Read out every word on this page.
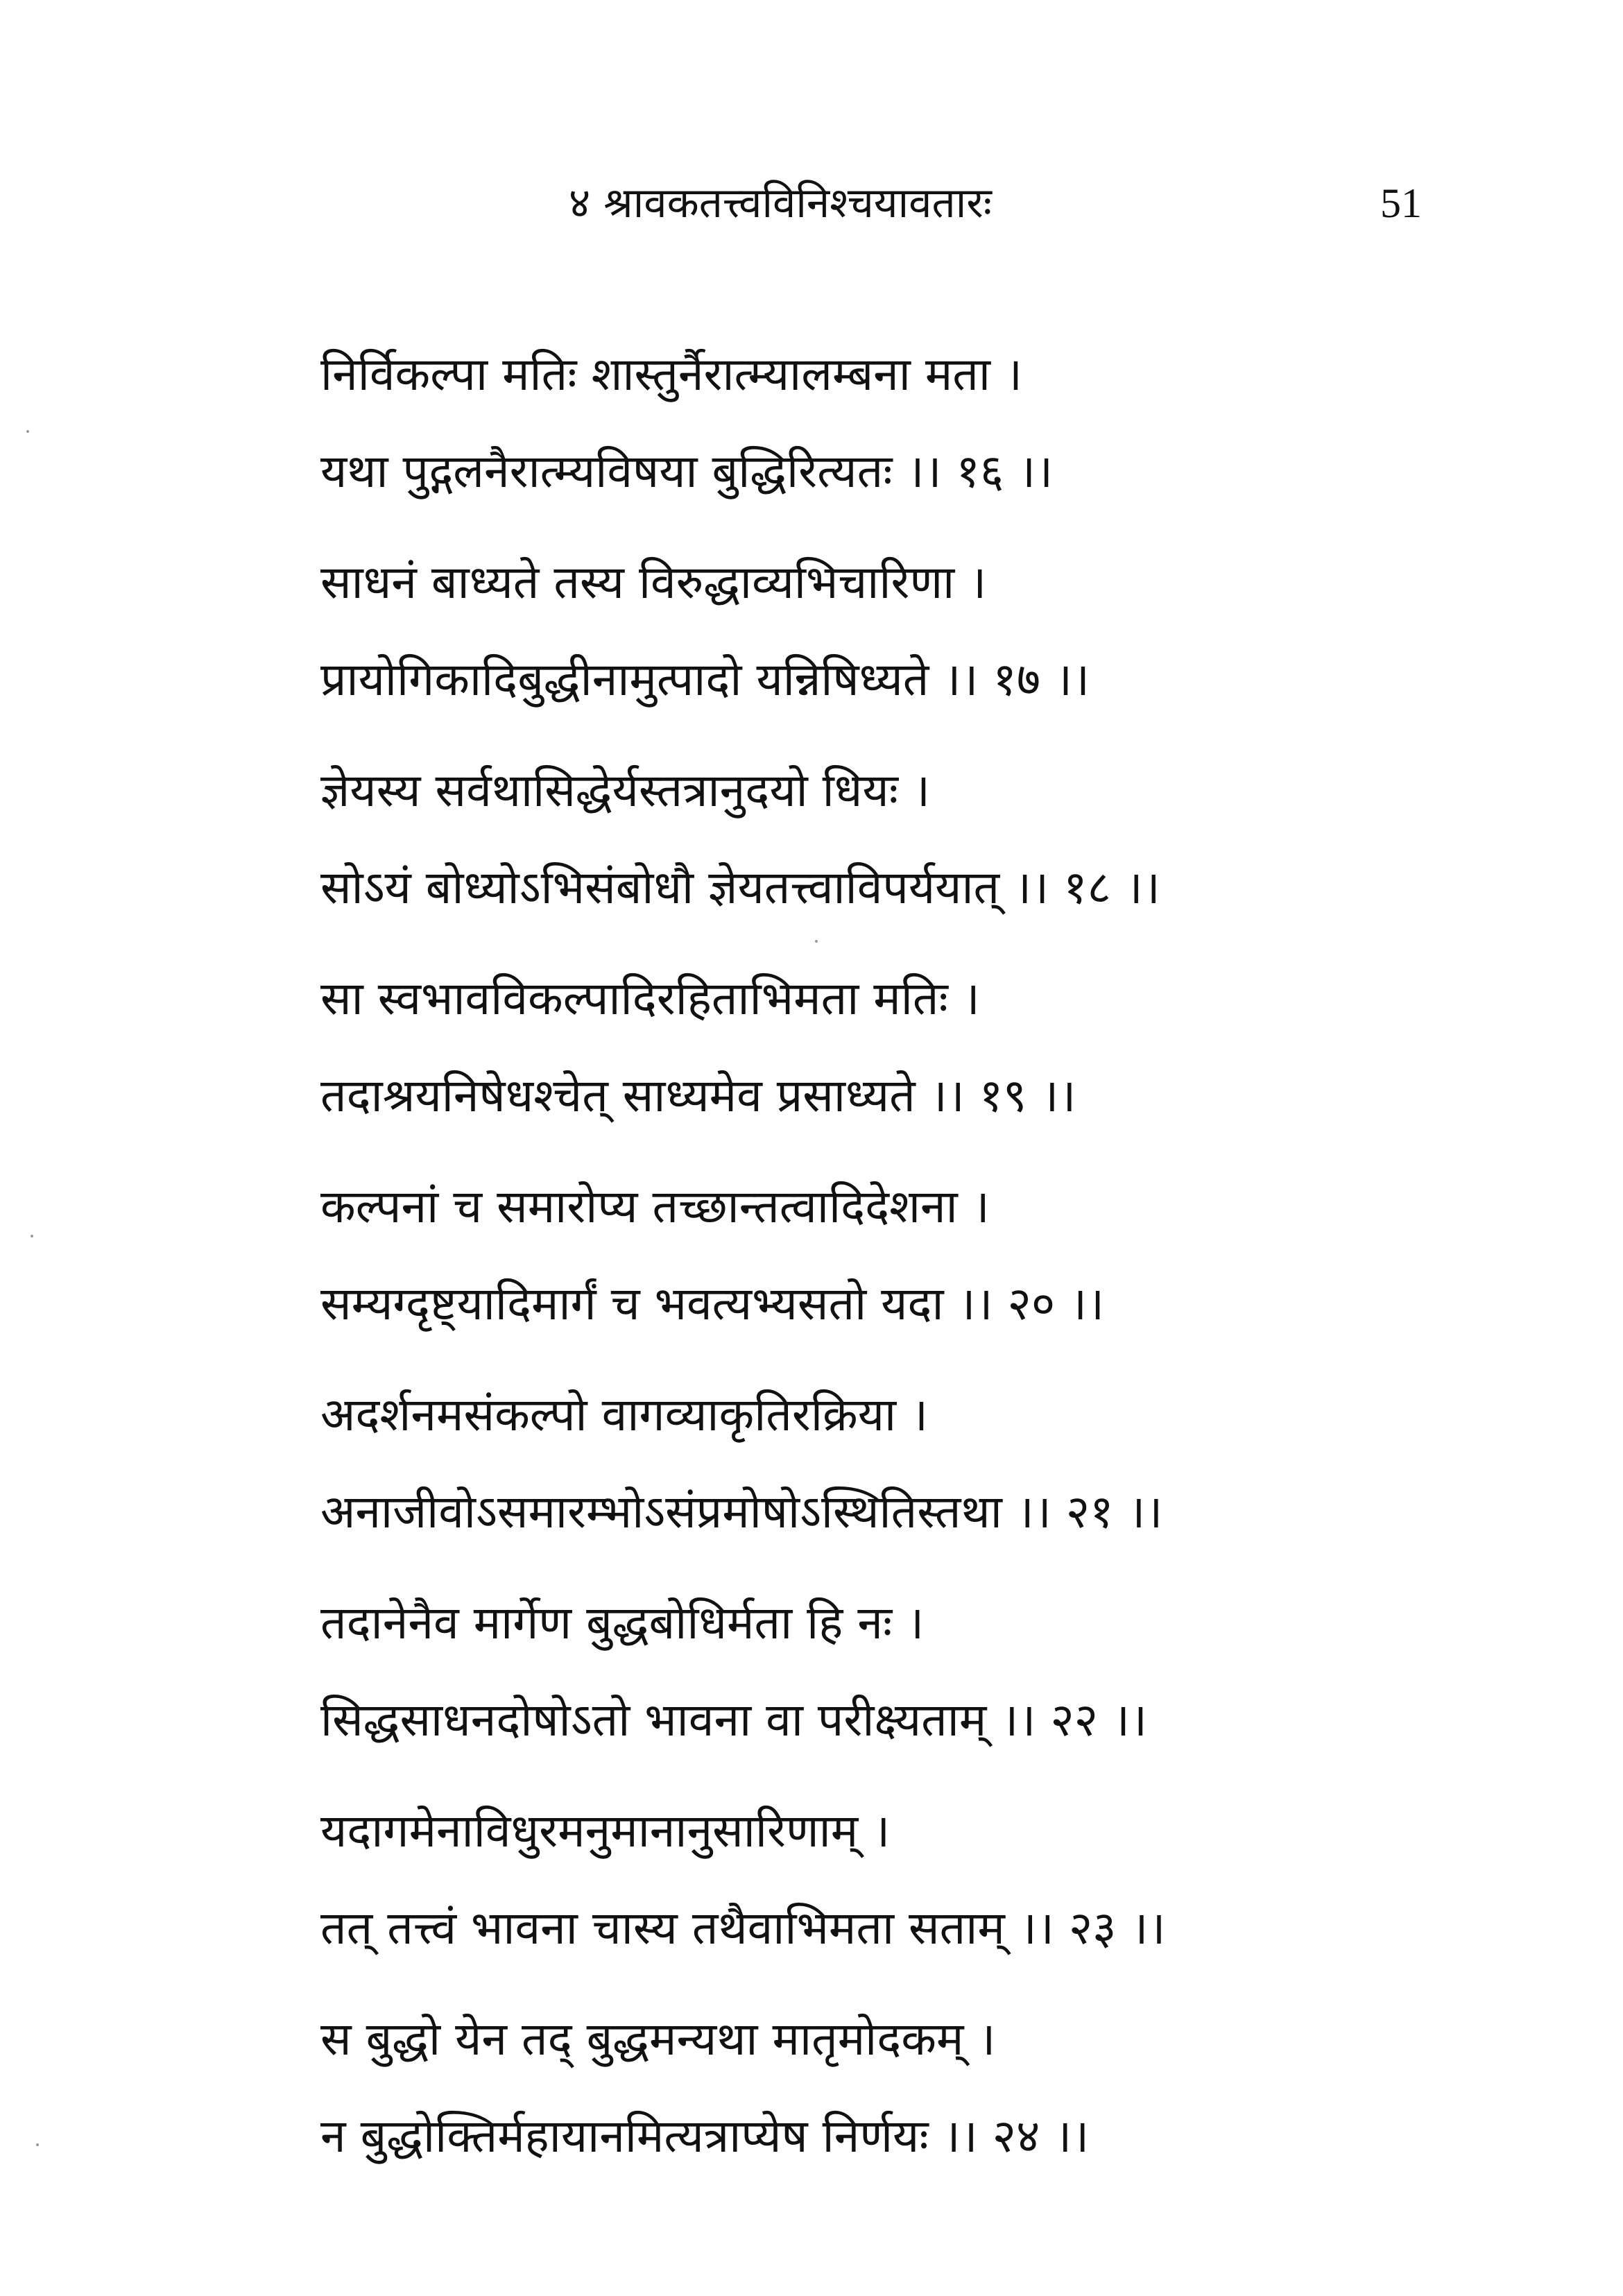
४ श्रावकतत्त्वविनिश्चयावतारः	51
निर्विकल्पा मतिः शास्तुर्नैरात्म्यालम्बना मता ।
यथा पुद्गलनैरात्म्यविषया बुद्धिरित्यतः ।। १६ ।।
साधनं बाध्यते तस्य विरुद्धाव्यभिचारिणा ।
प्रायोगिकादिबुद्धीनामुत्पादो यन्निषिध्यते ।। १७ ।।
ज्ञेयस्य सर्वथासिद्धेर्यस्तत्रानुदयो धियः ।
सोऽयं बोध्योऽभिसंबोधौ ज्ञेयतत्त्वाविपर्ययात् ।। १८ ।।
सा स्वभावविकल्पादिरहिताभिमता मतिः ।
तदाश्रयनिषेधश्चेत् साध्यमेव प्रसाध्यते ।। १९ ।।
कल्पनां च समारोप्य तच्छान्तत्वादिदेशना ।
सम्यग्दृष्ट्यादिमार्गं च भवत्यभ्यसतो यदा ।। २० ।।
अदर्शनमसंकल्पो वागव्याकृतिरक्रिया ।
अनाजीवोऽसमारम्भोऽसंप्रमोषोऽस्थितिस्तथा ।। २१ ।।
तदानेनैव मार्गेण बुद्धबोधिर्मता हि नः ।
सिद्धसाधनदोषोऽतो भावना वा परीक्ष्यताम् ।। २२ ।।
यदागमेनाविधुरमनुमानानुसारिणाम् ।
तत् तत्त्वं भावना चास्य तथैवाभिमता सताम् ।। २३ ।।
स बुद्धो येन तद् बुद्धमन्यथा मातृमोदकम् ।
न बुद्धोक्तिर्महायानमित्यत्राप्येष निर्णयः ।। २४ ।।
